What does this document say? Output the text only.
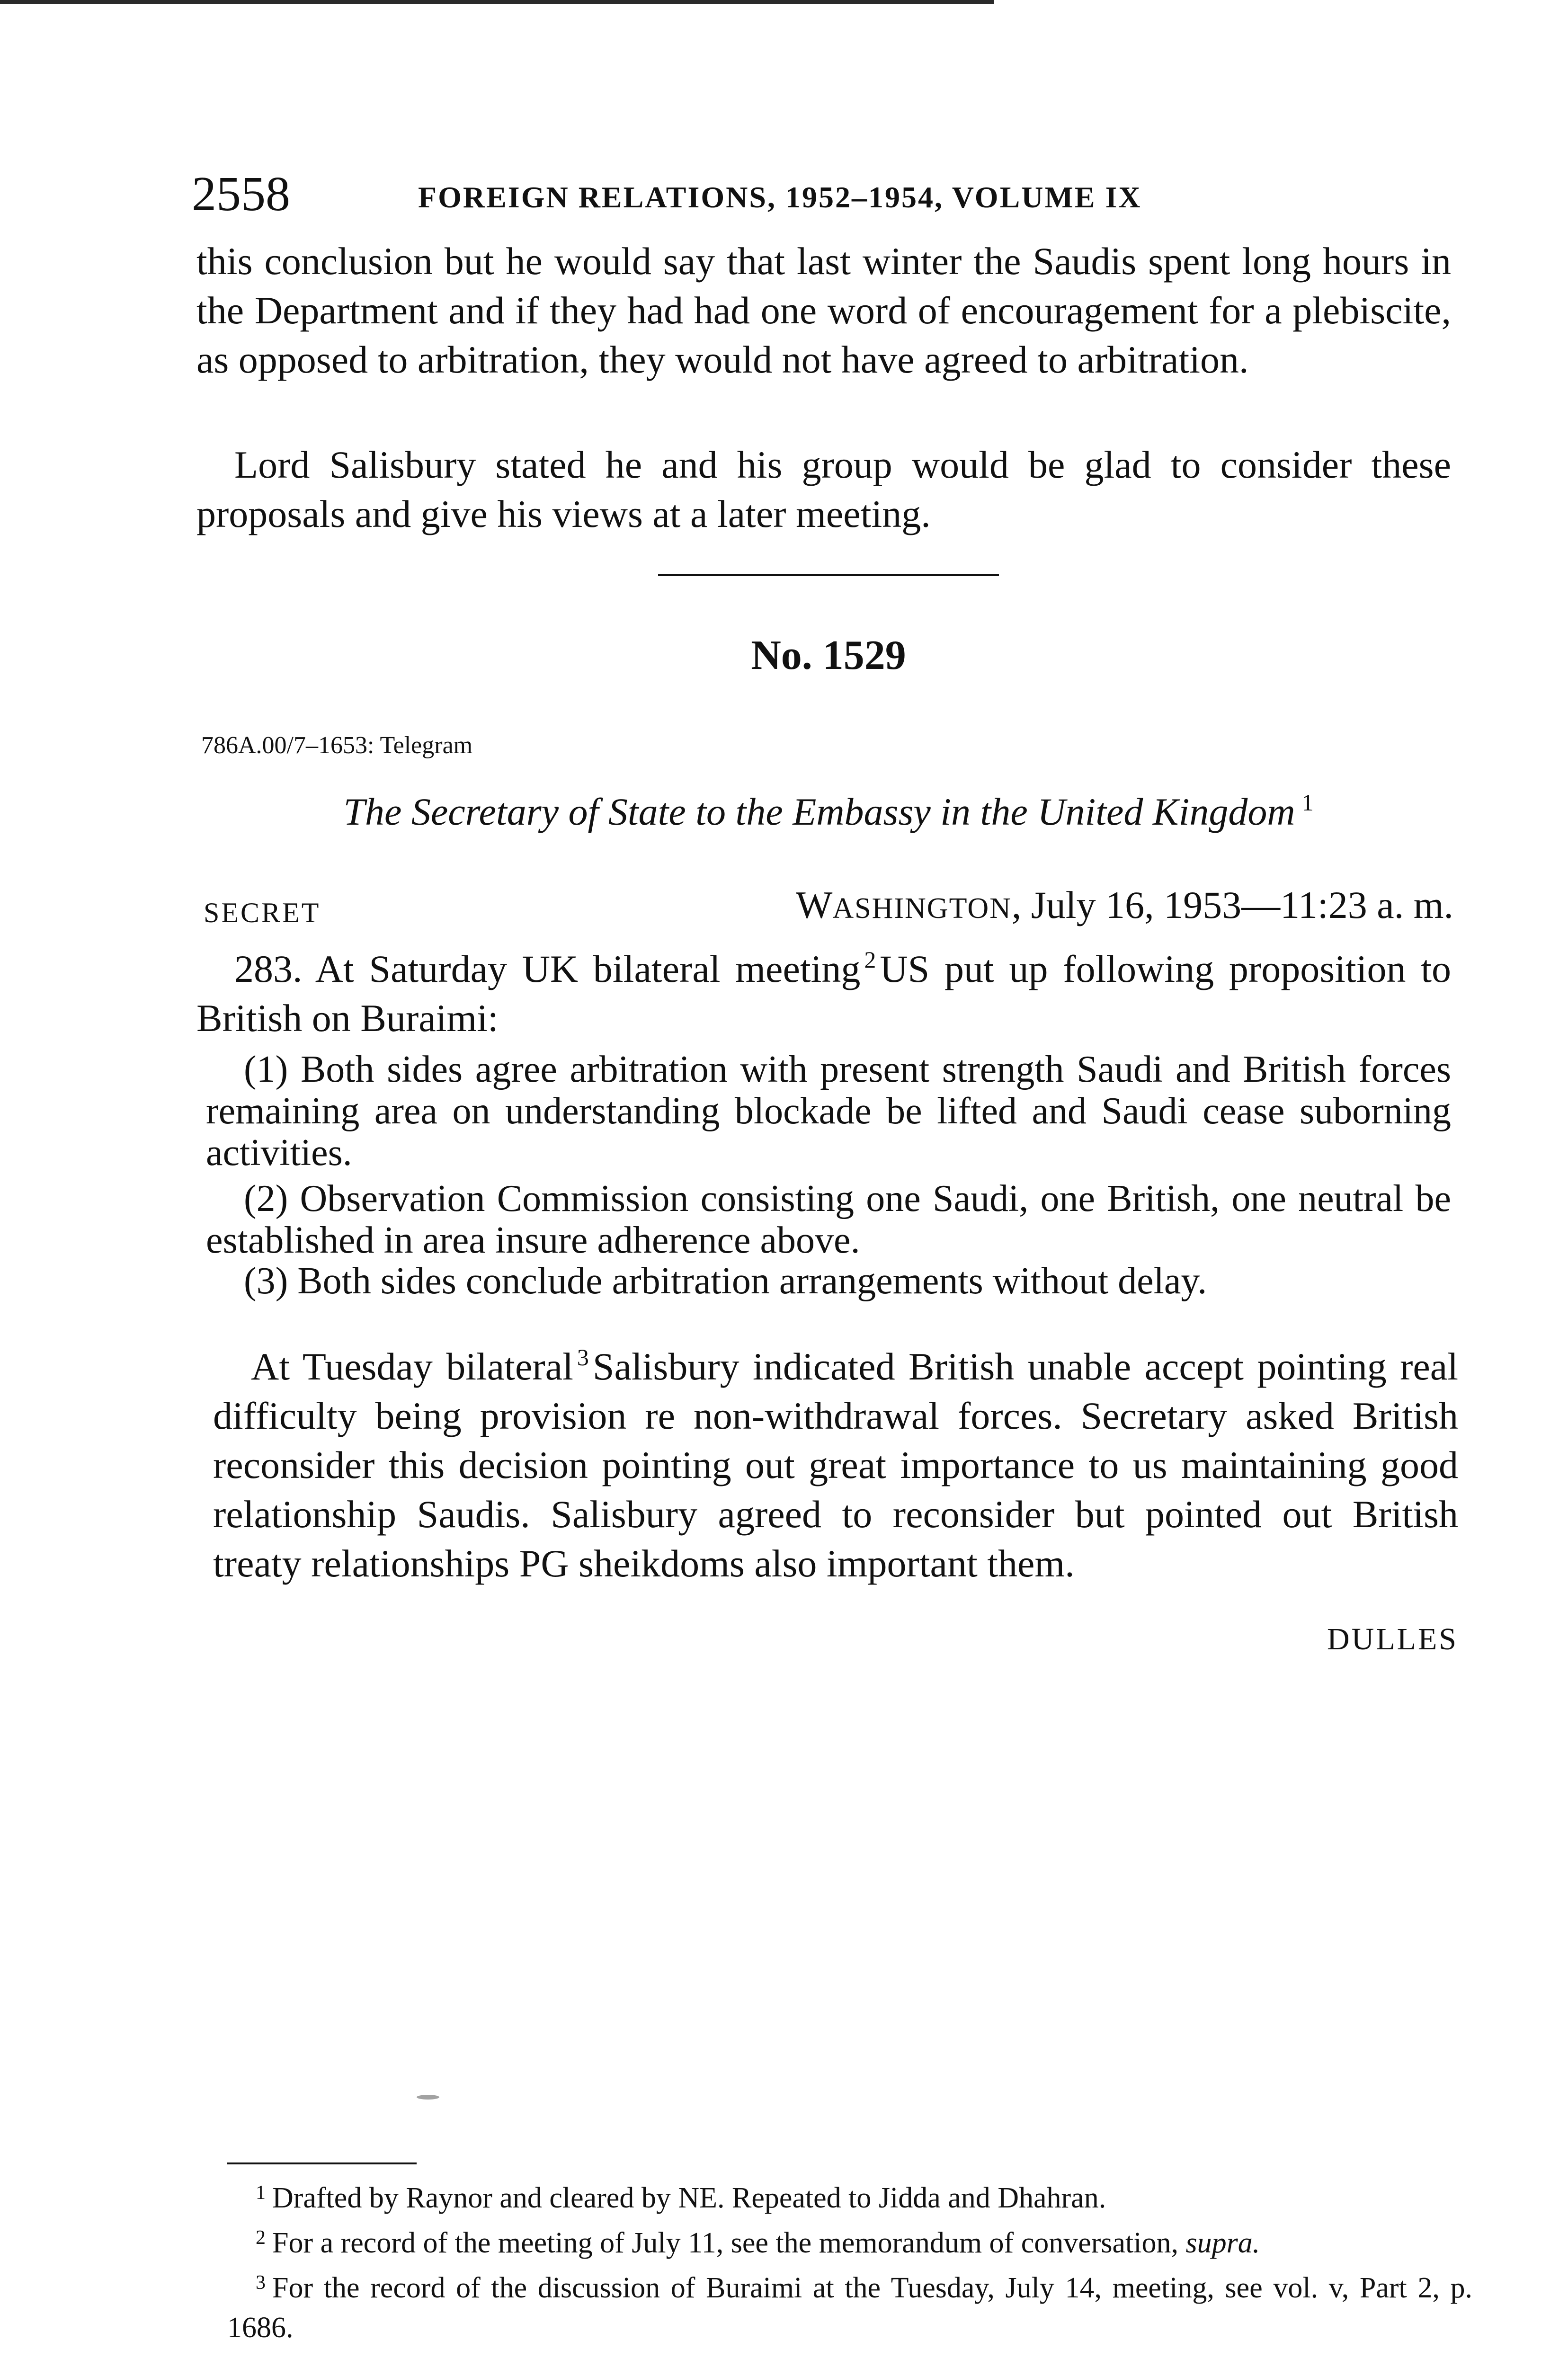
2558	FOREIGN RELATIONS, 1952–1954, VOLUME IX

this conclusion but he would say that last winter the Saudis spent long hours in the Department and if they had had one word of encouragement for a plebiscite, as opposed to arbitration, they would not have agreed to arbitration.

Lord Salisbury stated he and his group would be glad to consider these proposals and give his views at a later meeting.

No. 1529
786A.00/7–1653: Telegram
The Secretary of State to the Embassy in the United Kingdom $^1$
SECRET	WASHINGTON, July 16, 1953—11:23 a. m.

283. At Saturday UK bilateral meeting $^2$US put up following proposition to British on Buraimi:

(1) Both sides agree arbitration with present strength Saudi and British forces remaining area on understanding blockade be lifted and Saudi cease suborning activities.

(2) Observation Commission consisting one Saudi, one British, one neutral be established in area insure adherence above.

(3) Both sides conclude arbitration arrangements without delay.

At Tuesday bilateral $^3$Salisbury indicated British unable accept pointing real difficulty being provision re non-withdrawal forces. Secretary asked British reconsider this decision pointing out great importance to us maintaining good relationship Saudis. Salisbury agreed to reconsider but pointed out British treaty relationships PG sheikdoms also important them.

DULLES

$^1$ Drafted by Raynor and cleared by NE. Repeated to Jidda and Dhahran.

$^2$ For a record of the meeting of July 11, see the memorandum of conversation, supra.

$^3$ For the record of the discussion of Buraimi at the Tuesday, July 14, meeting, see vol. v, Part 2, p. 1686.
